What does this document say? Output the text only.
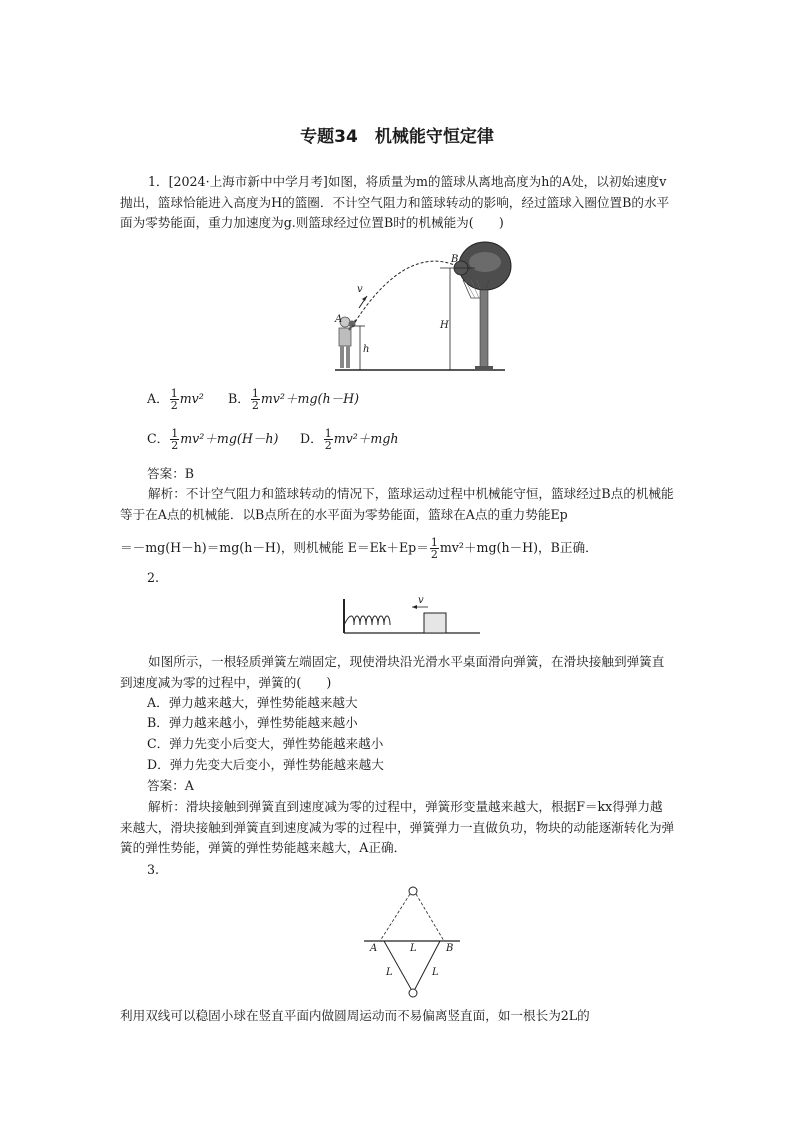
专题34　机械能守恒定律

1．[2024·上海市新中中学月考]如图，将质量为m的篮球从离地高度为h的A处，以初始速度v抛出，篮球恰能进入高度为H的篮圈．不计空气阻力和篮球转动的影响，经过篮球入圈位置B的水平面为零势能面，重力加速度为g.则篮球经过位置B时的机械能为(　　)

v
A
h
H
B
A． $\frac{1}{2} mv^2$ B． $\frac{1}{2} mv^2+mg(h-H)$
C． $\frac{1}{2} mv^2+mg(H-h)$ D． $\frac{1}{2} mv^2+mgh$
答案：B

解析：不计空气阻力和篮球转动的情况下，篮球运动过程中机械能守恒，篮球经过B点的机械能等于在A点的机械能．以B点所在的水平面为零势能面，篮球在A点的重力势能Ep

＝－mg(H－h)＝mg(h－H)，则机械能 $E=Ek+Ep= \frac{1}{2} mv^2+mg(h-H)$，B正确．
2.
v

如图所示，一根轻质弹簧左端固定，现使滑块沿光滑水平桌面滑向弹簧，在滑块接触到弹簧直到速度减为零的过程中，弹簧的(　　)

A．弹力越来越大，弹性势能越来越大
B．弹力越来越小，弹性势能越来越小
C．弹力先变小后变大，弹性势能越来越小
D．弹力先变大后变小，弹性势能越来越大
答案：A

解析：滑块接触到弹簧直到速度减为零的过程中，弹簧形变量越来越大，根据F＝kx得弹力越来越大，滑块接触到弹簧直到速度减为零的过程中，弹簧弹力一直做负功，物块的动能逐渐转化为弹簧的弹性势能，弹簧的弹性势能越来越大，A正确．

3.
A	L	B
L	L
利用双线可以稳固小球在竖直平面内做圆周运动而不易偏离竖直面，如一根长为2L的
